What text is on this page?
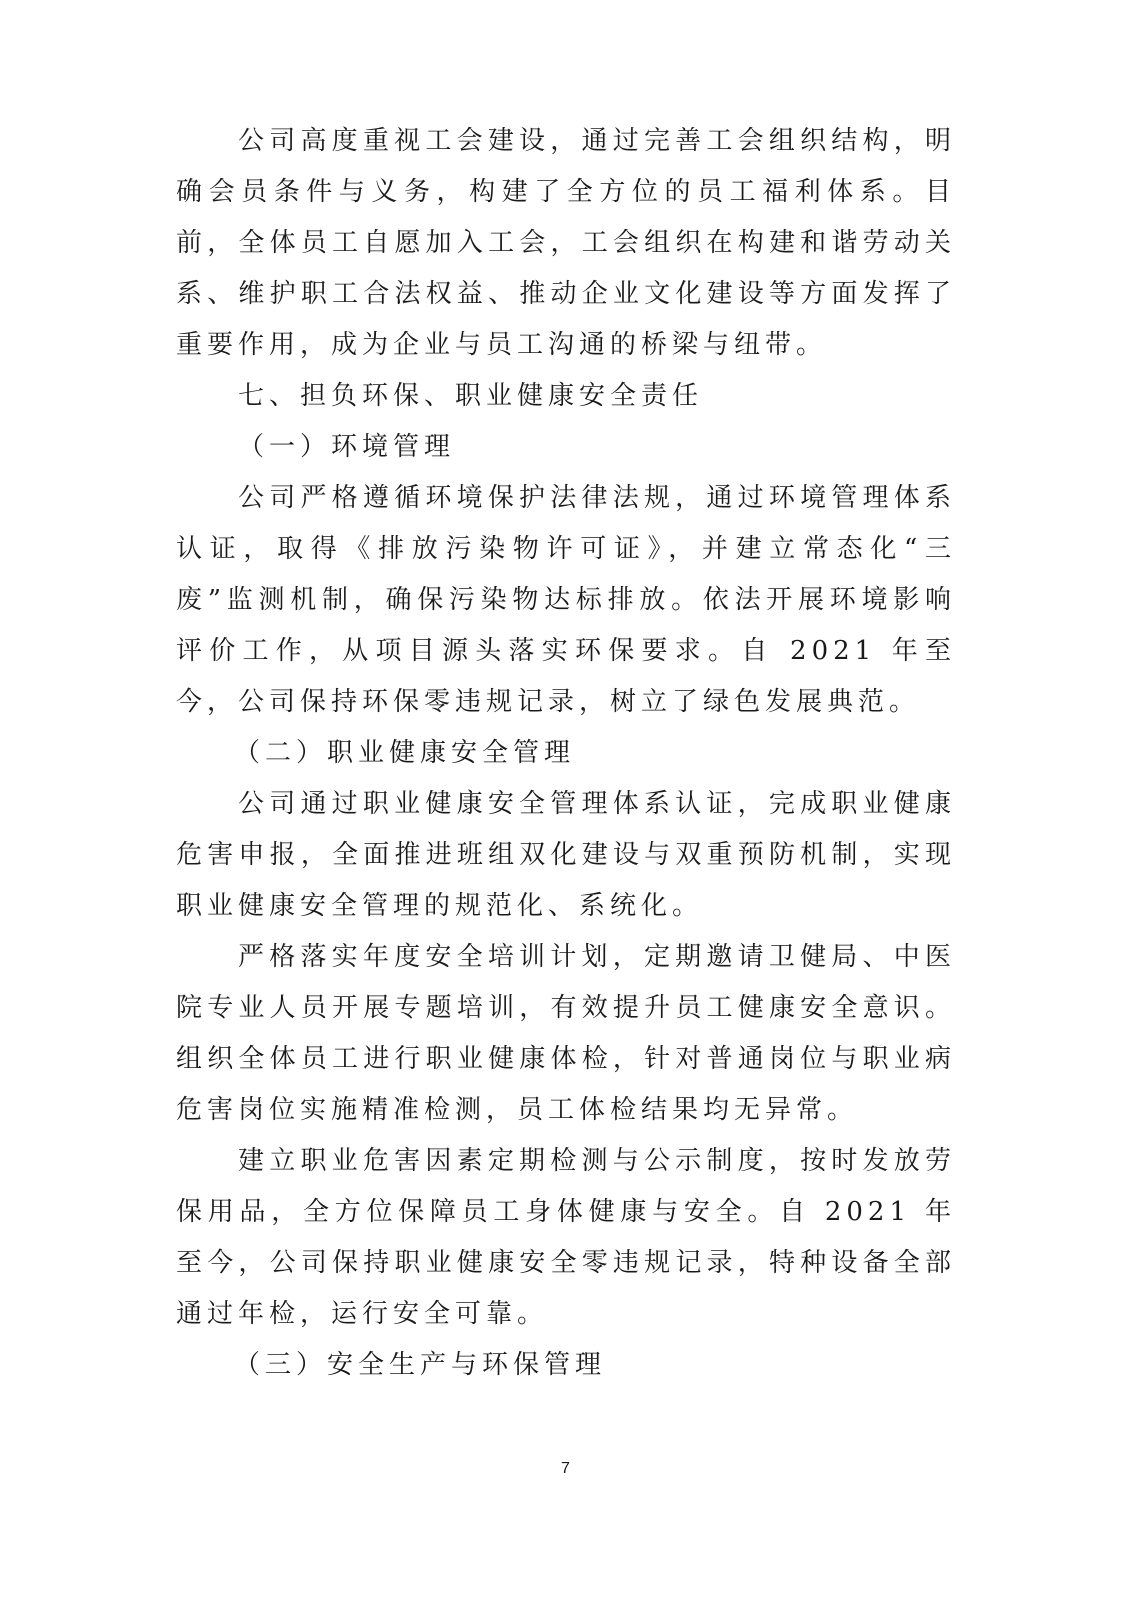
公司高度重视工会建设，通过完善工会组织结构，明确会员条件与义务，构建了全方位的员工福利体系。目前，全体员工自愿加入工会，工会组织在构建和谐劳动关系、维护职工合法权益、推动企业文化建设等方面发挥了重要作用，成为企业与员工沟通的桥梁与纽带。

七、担负环保、职业健康安全责任

（一）环境管理

公司严格遵循环境保护法律法规，通过环境管理体系认证，取得《排放污染物许可证》，并建立常态化“三废”监测机制，确保污染物达标排放。依法开展环境影响评价工作，从项目源头落实环保要求。自 2021 年至今，公司保持环保零违规记录，树立了绿色发展典范。

（二）职业健康安全管理

公司通过职业健康安全管理体系认证，完成职业健康危害申报，全面推进班组双化建设与双重预防机制，实现职业健康安全管理的规范化、系统化。

严格落实年度安全培训计划，定期邀请卫健局、中医院专业人员开展专题培训，有效提升员工健康安全意识。组织全体员工进行职业健康体检，针对普通岗位与职业病危害岗位实施精准检测，员工体检结果均无异常。

建立职业危害因素定期检测与公示制度，按时发放劳保用品，全方位保障员工身体健康与安全。自 2021 年至今，公司保持职业健康安全零违规记录，特种设备全部通过年检，运行安全可靠。

（三）安全生产与环保管理

7
